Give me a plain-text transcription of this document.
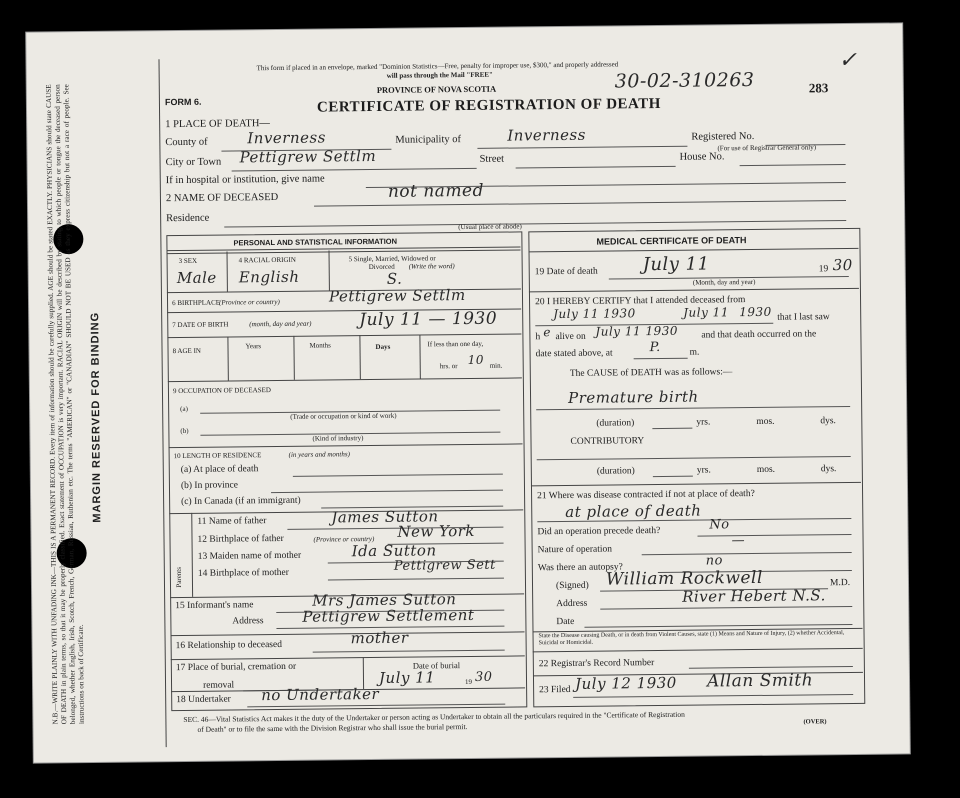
N.B.—WRITE PLAINLY WITH UNFADING INK—THIS IS A PERMANENT RECORD. Every item of information should be carefully supplied. AGE should be stated EXACTLY. PHYSICIANS should state CAUSE OF DEATH in plain terms, so that it may be properly classified. Exact statement of OCCUPATION is very important. RACIAL ORIGIN will be described by stating to which people or tongue the deceased person belonged, whether English, Irish, Scotch, French, German, Russian, Ruthenian etc. The terms "AMERICAN" or "CANADIAN" SHOULD NOT BE USED as they express citizenship but not a race of people. See instructions on back of Certificate.
MARGIN RESERVED FOR BINDING
This form if placed in an envelope, marked "Dominion Statistics—Free, penalty for improper use, $300," and properly addressed
will pass through the Mail "FREE"
PROVINCE OF NOVA SCOTIA	30-02-310263	283
✓
FORM 6.	CERTIFICATE OF REGISTRATION OF DEATH
1 PLACE OF DEATH—
County of	Inverness	Municipality of	Inverness	Registered No.
(For use of Registrar General only)
City or Town Pettigrew Settlm	Street	House No.
If in hospital or institution, give name
2 NAME OF DECEASED	not named
Residence
(Usual place of abode)
PERSONAL AND STATISTICAL INFORMATION
3 SEX
Male
4 RACIAL ORIGIN
English
5 Single, Married, Widowed or
Divorced (Write the word)
S.
6 BIRTHPLACE
(Province or country)	Pettigrew Settlm
7 DATE OF BIRTH	(month, day and year)	July 11 — 1930
8 AGE IN
Years	Months	Days	If less than one day,
hrs. or 10 min.
9 OCCUPATION OF DECEASED
(a)
(Trade or occupation or kind of work)
(b)
(Kind of industry)
10 LENGTH OF RESIDENCE	(in years and months)
(a) At place of death
(b) In province
(c) In Canada (if an immigrant)
Parents
11 Name of father	James Sutton
12 Birthplace of father	(Province or country) New York
13 Maiden name of mother	Ida Sutton
14 Birthplace of mother	Pettigrew Sett
15 Informant's name	Mrs James Sutton
Address	Pettigrew Settlement
16 Relationship to deceased	mother
17 Place of burial, cremation or
removal
Date of burial
July 11	19 30
18 Undertaker no Undertaker
MEDICAL CERTIFICATE OF DEATH
19 Date of death July 11	19 30
(Month, day and year)
20 I HEREBY CERTIFY that I attended deceased from
July 11 1930	July 11 1930 that I last saw
h e alive on July 11 1930 and that death occurred on the
date stated above, at	P.	m.
The CAUSE of DEATH was as follows:—
Premature birth
(duration)	yrs.	mos.	dys.
CONTRIBUTORY
(duration)	yrs.	mos.	dys.
21 Where was disease contracted if not at place of death?
at place of death
Did an operation precede death?	No
Nature of operation
—
Was there an autopsy?	no
(Signed) William Rockwell	M.D.
Address	River Hebert N.S.
Date
State the Disease causing Death, or in death from Violent Causes, state (1) Means and Nature of Injury, (2) whether Accidental, Suicidal or Homicidal.
22 Registrar's Record Number
23 Filed July 12 1930 Allan Smith
SEC. 46—Vital Statistics Act makes it the duty of the Undertaker or person acting as Undertaker to obtain all the particulars required in the "Certificate of Registration
of Death" or to file the same with the Division Registrar who shall issue the burial permit.
(OVER)
